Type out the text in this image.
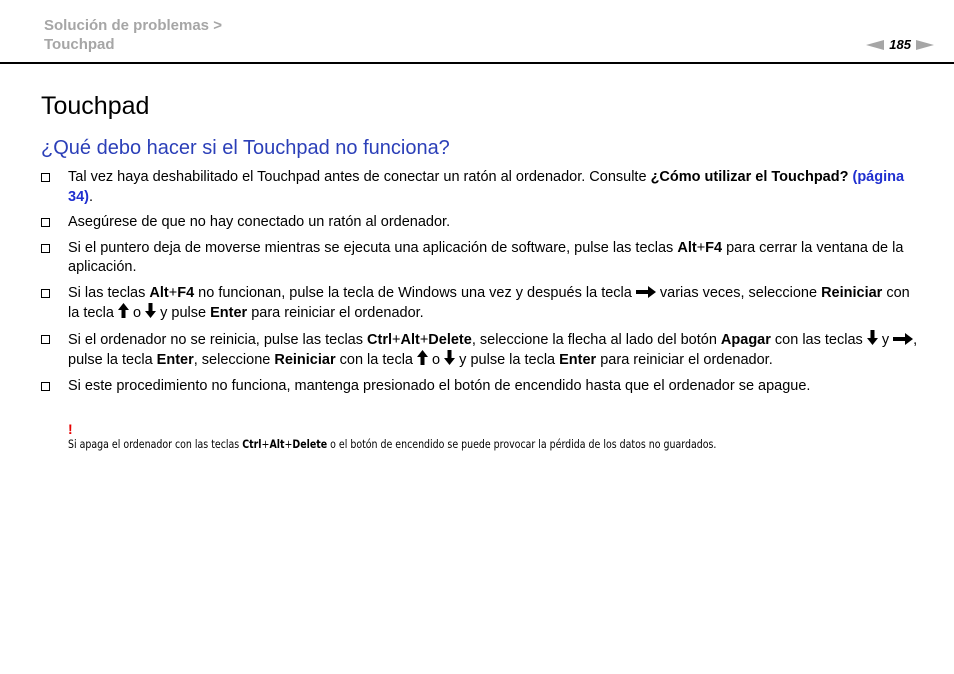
Solución de problemas >
Touchpad	185
Touchpad
¿Qué debo hacer si el Touchpad no funciona?
Tal vez haya deshabilitado el Touchpad antes de conectar un ratón al ordenador. Consulte ¿Cómo utilizar el Touchpad? (página 34).
Asegúrese de que no hay conectado un ratón al ordenador.
Si el puntero deja de moverse mientras se ejecuta una aplicación de software, pulse las teclas Alt+F4 para cerrar la ventana de la aplicación.
Si las teclas Alt+F4 no funcionan, pulse la tecla de Windows una vez y después la tecla  varias veces, seleccione Reiniciar con la tecla  o  y pulse Enter para reiniciar el ordenador.
Si el ordenador no se reinicia, pulse las teclas Ctrl+Alt+Delete, seleccione la flecha al lado del botón Apagar con las teclas  y , pulse la tecla Enter, seleccione Reiniciar con la tecla  o  y pulse la tecla Enter para reiniciar el ordenador.
Si este procedimiento no funciona, mantenga presionado el botón de encendido hasta que el ordenador se apague.
!
Si apaga el ordenador con las teclas Ctrl+Alt+Delete o el botón de encendido se puede provocar la pérdida de los datos no guardados.
